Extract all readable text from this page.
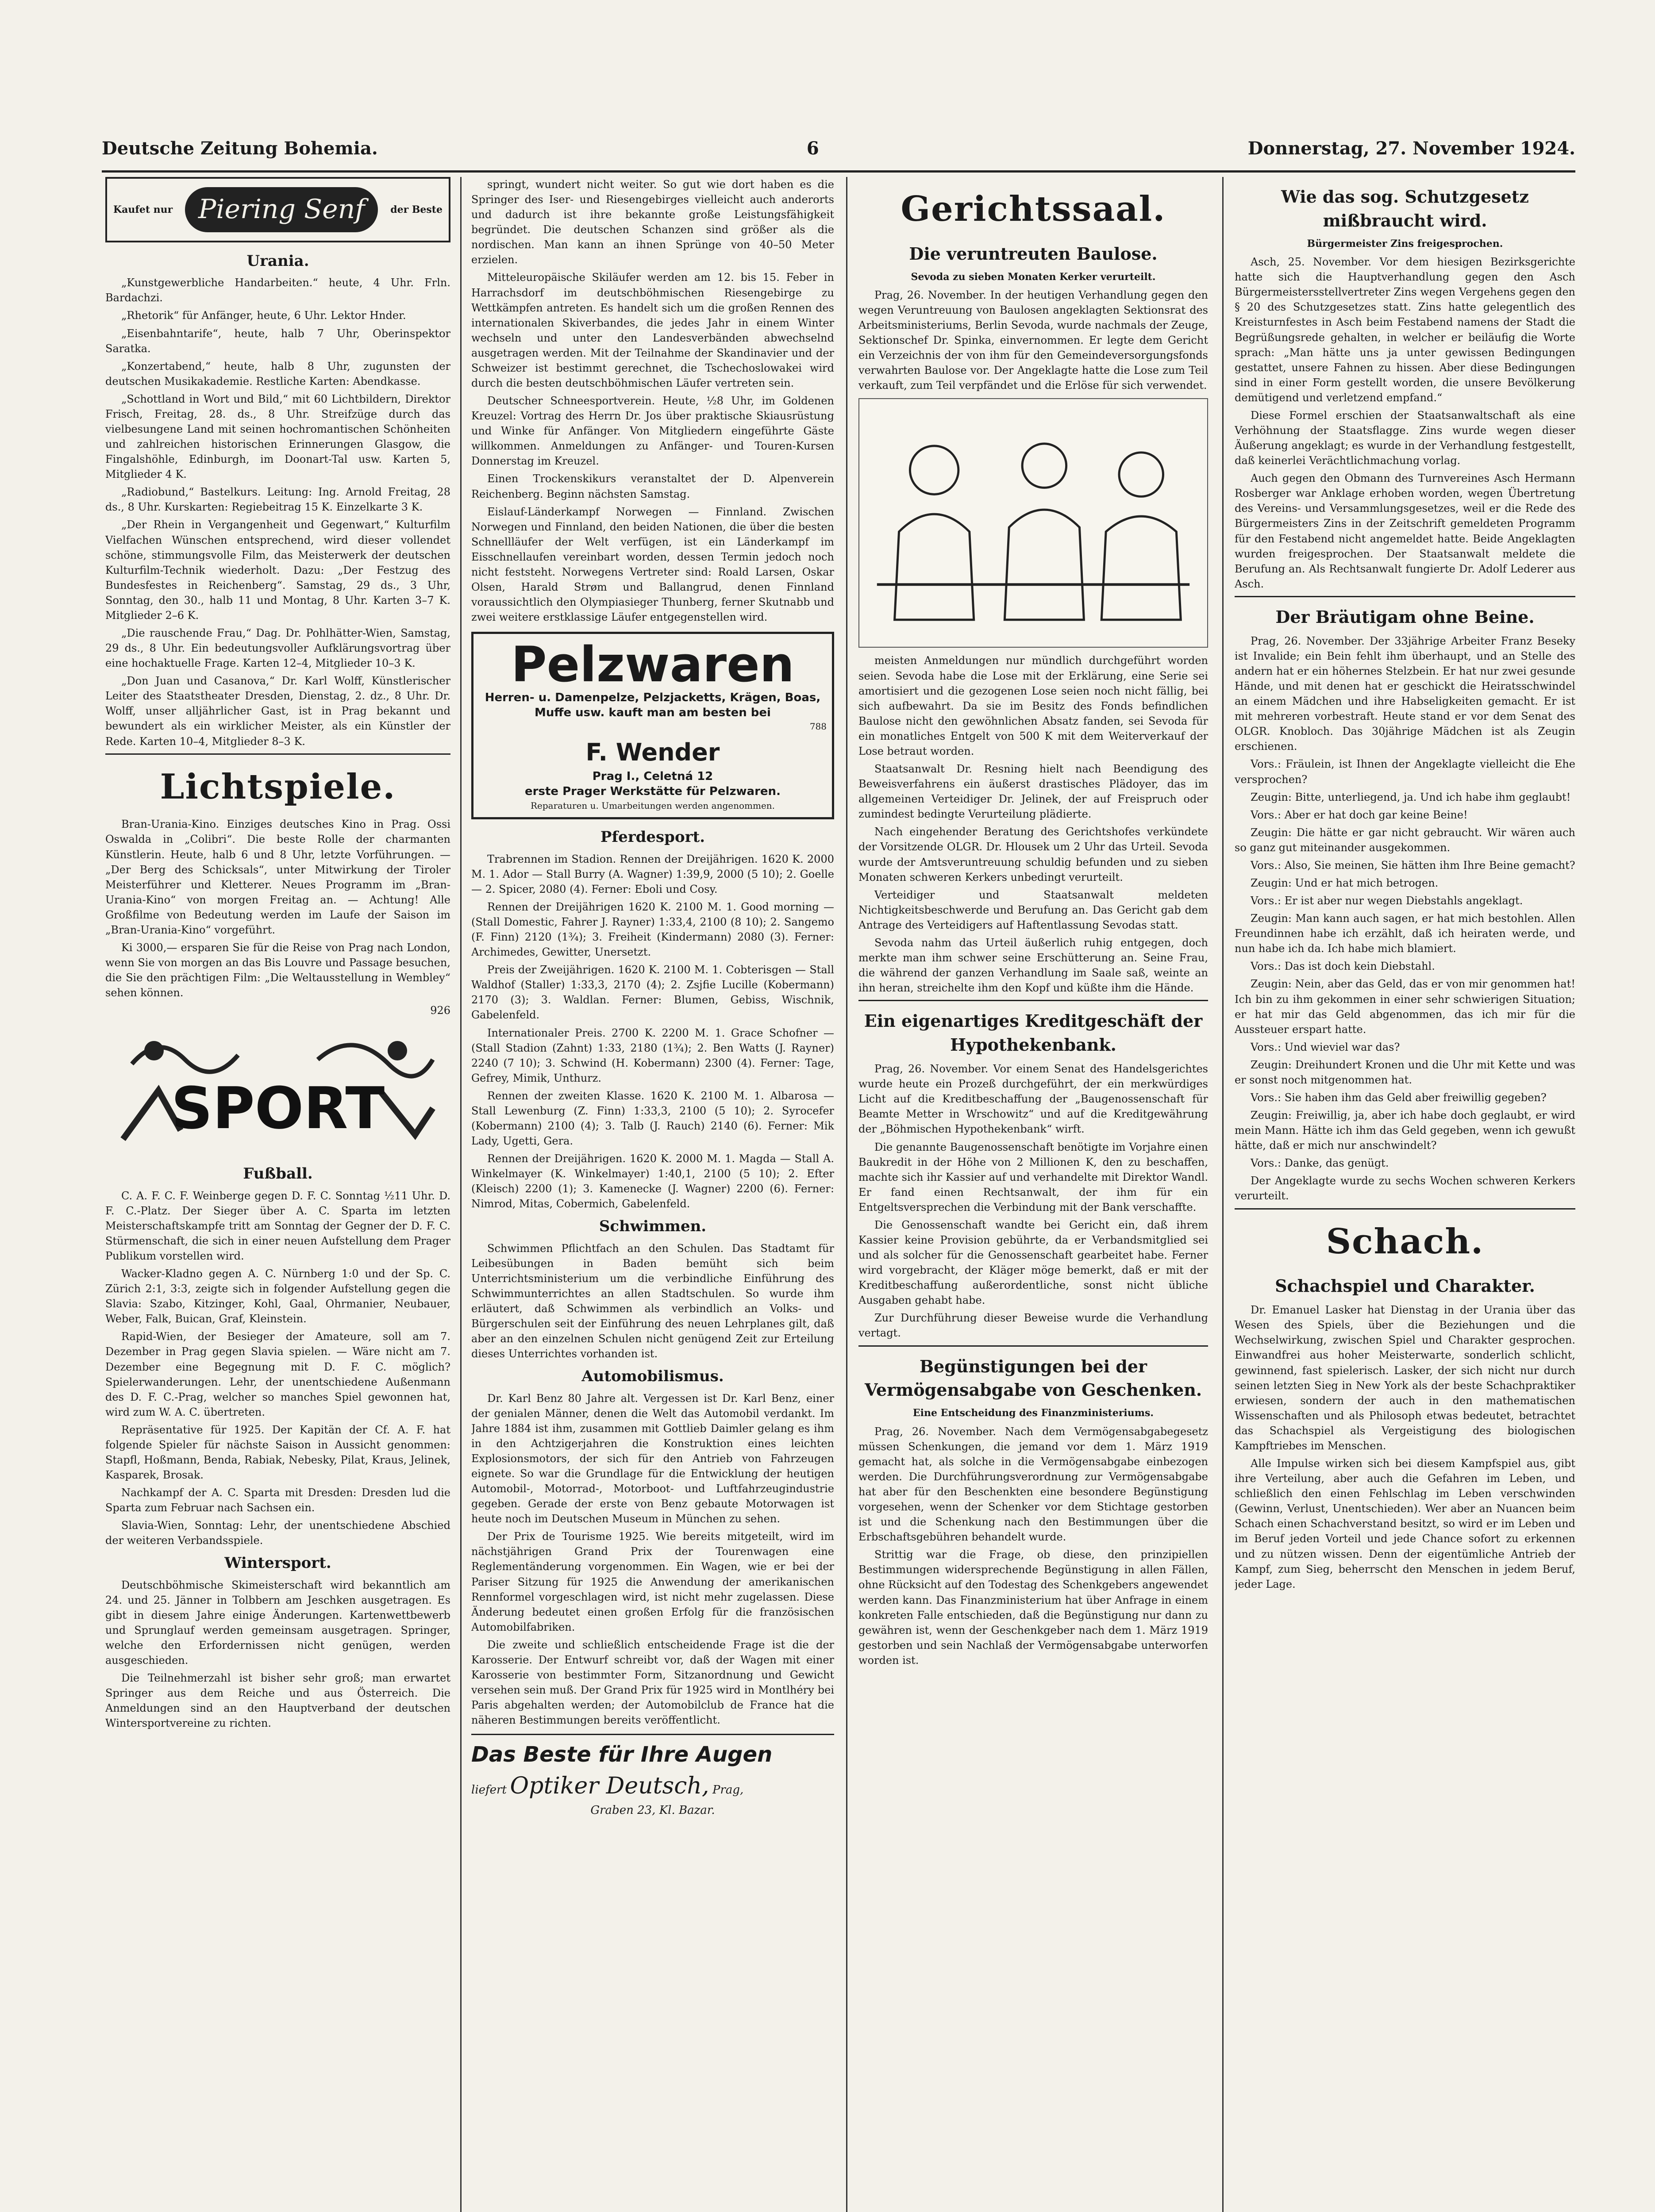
Deutsche Zeitung Bohemia.	6	Donnerstag, 27. November 1924.
Kaufet nur Piering Senf	der Beste
Urania.

„Kunstgewerbliche Handarbeiten.“ heute, 4 Uhr. Frln. Bardachzi.

„Rhetorik“ für Anfänger, heute, 6 Uhr. Lektor Hnder.

„Eisenbahntarife“, heute, halb 7 Uhr, Oberinspektor Saratka.

„Konzertabend,“ heute, halb 8 Uhr, zugunsten der deutschen Musikakademie. Restliche Karten: Abendkasse.

„Schottland in Wort und Bild,“ mit 60 Lichtbildern, Direktor Frisch, Freitag, 28. ds., 8 Uhr. Streifzüge durch das vielbesungene Land mit seinen hochromantischen Schönheiten und zahlreichen historischen Erinnerungen Glasgow, die Fingalshöhle, Edinburgh, im Doonart-Tal usw. Karten 5, Mitglieder 4 K.

„Radiobund,“ Bastelkurs. Leitung: Ing. Arnold Freitag, 28 ds., 8 Uhr. Kurskarten: Regiebeitrag 15 K. Einzelkarte 3 K.

„Der Rhein in Vergangenheit und Gegenwart,“ Kulturfilm Vielfachen Wünschen entsprechend, wird dieser vollendet schöne, stimmungsvolle Film, das Meisterwerk der deutschen Kulturfilm-Technik wiederholt. Dazu: „Der Festzug des Bundesfestes in Reichenberg“. Samstag, 29 ds., 3 Uhr, Sonntag, den 30., halb 11 und Montag, 8 Uhr. Karten 3–7 K. Mitglieder 2–6 K.

„Die rauschende Frau,“ Dag. Dr. Pohlhätter-Wien, Samstag, 29 ds., 8 Uhr. Ein bedeutungsvoller Aufklärungsvortrag über eine hochaktuelle Frage. Karten 12–4, Mitglieder 10–3 K.

„Don Juan und Casanova,“ Dr. Karl Wolff, Künstlerischer Leiter des Staatstheater Dresden, Dienstag, 2. dz., 8 Uhr. Dr. Wolff, unser alljährlicher Gast, ist in Prag bekannt und bewundert als ein wirklicher Meister, als ein Künstler der Rede. Karten 10–4, Mitglieder 8–3 K.

Lichtspiele.

Bran-Urania-Kino. Einziges deutsches Kino in Prag. Ossi Oswalda in „Colibri“. Die beste Rolle der charmanten Künstlerin. Heute, halb 6 und 8 Uhr, letzte Vorführungen. — „Der Berg des Schicksals“, unter Mitwirkung der Tiroler Meisterführer und Kletterer. Neues Programm im „Bran-Urania-Kino“ von morgen Freitag an. — Achtung! Alle Großfilme von Bedeutung werden im Laufe der Saison im „Bran-Urania-Kino“ vorgeführt.

Ki 3000,— ersparen Sie für die Reise von Prag nach London, wenn Sie von morgen an das Bis Louvre und Passage besuchen, die Sie den prächtigen Film: „Die Weltausstellung in Wembley“ sehen können.

926
SPORT
Fußball.

C. A. F. C. F. Weinberge gegen D. F. C. Sonntag ½11 Uhr. D. F. C.-Platz. Der Sieger über A. C. Sparta im letzten Meisterschaftskampfe tritt am Sonntag der Gegner der D. F. C. Stürmenschaft, die sich in einer neuen Aufstellung dem Prager Publikum vorstellen wird.

Wacker-Kladno gegen A. C. Nürnberg 1:0 und der Sp. C. Zürich 2:1, 3:3, zeigte sich in folgender Aufstellung gegen die Slavia: Szabo, Kitzinger, Kohl, Gaal, Ohrmanier, Neubauer, Weber, Falk, Buican, Graf, Kleinstein.

Rapid-Wien, der Besieger der Amateure, soll am 7. Dezember in Prag gegen Slavia spielen. — Wäre nicht am 7. Dezember eine Begegnung mit D. F. C. möglich? Spielerwanderungen. Lehr, der unentschiedene Außenmann des D. F. C.-Prag, welcher so manches Spiel gewonnen hat, wird zum W. A. C. übertreten.

Repräsentative für 1925. Der Kapitän der Cf. A. F. hat folgende Spieler für nächste Saison in Aussicht genommen: Stapfl, Hoßmann, Benda, Rabiak, Nebesky, Pilat, Kraus, Jelinek, Kasparek, Brosak.

Nachkampf der A. C. Sparta mit Dresden: Dresden lud die Sparta zum Februar nach Sachsen ein.

Slavia-Wien, Sonntag: Lehr, der unentschiedene Abschied der weiteren Verbandsspiele.

Wintersport.

Deutschböhmische Skimeisterschaft wird bekanntlich am 24. und 25. Jänner in Tolbbern am Jeschken ausgetragen. Es gibt in diesem Jahre einige Änderungen. Kartenwettbewerb und Sprunglauf werden gemeinsam ausgetragen. Springer, welche den Erfordernissen nicht genügen, werden ausgeschieden.

Die Teilnehmerzahl ist bisher sehr groß; man erwartet Springer aus dem Reiche und aus Österreich. Die Anmeldungen sind an den Hauptverband der deutschen Wintersportvereine zu richten.

springt, wundert nicht weiter. So gut wie dort haben es die Springer des Iser- und Riesengebirges vielleicht auch anderorts und dadurch ist ihre bekannte große Leistungsfähigkeit begründet. Die deutschen Schanzen sind größer als die nordischen. Man kann an ihnen Sprünge von 40–50 Meter erzielen.

Mitteleuropäische Skiläufer werden am 12. bis 15. Feber in Harrachsdorf im deutschböhmischen Riesengebirge zu Wettkämpfen antreten. Es handelt sich um die großen Rennen des internationalen Skiverbandes, die jedes Jahr in einem Winter wechseln und unter den Landesverbänden abwechselnd ausgetragen werden. Mit der Teilnahme der Skandinavier und der Schweizer ist bestimmt gerechnet, die Tschechoslowakei wird durch die besten deutschböhmischen Läufer vertreten sein.

Deutscher Schneesportverein. Heute, ½8 Uhr, im Goldenen Kreuzel: Vortrag des Herrn Dr. Jos über praktische Skiausrüstung und Winke für Anfänger. Von Mitgliedern eingeführte Gäste willkommen. Anmeldungen zu Anfänger- und Touren-Kursen Donnerstag im Kreuzel.

Einen Trockenskikurs veranstaltet der D. Alpenverein Reichenberg. Beginn nächsten Samstag.

Eislauf-Länderkampf Norwegen — Finnland. Zwischen Norwegen und Finnland, den beiden Nationen, die über die besten Schnellläufer der Welt verfügen, ist ein Länderkampf im Eisschnellaufen vereinbart worden, dessen Termin jedoch noch nicht feststeht. Norwegens Vertreter sind: Roald Larsen, Oskar Olsen, Harald Strøm und Ballangrud, denen Finnland voraussichtlich den Olympiasieger Thunberg, ferner Skutnabb und zwei weitere erstklassige Läufer entgegenstellen wird.

Pelzwaren
Herren- u. Damenpelze, Pelzjacketts, Krägen, Boas, Muffe usw. kauft man am besten bei
788
F. Wender
Prag I., Celetná 12
erste Prager Werkstätte für Pelzwaren.
Reparaturen u. Umarbeitungen werden angenommen.
Pferdesport.

Trabrennen im Stadion. Rennen der Dreijährigen. 1620 K. 2000 M. 1. Ador — Stall Burry (A. Wagner) 1:39,9, 2000 (5 10); 2. Goelle — 2. Spicer, 2080 (4). Ferner: Eboli und Cosy.

Rennen der Dreijährigen 1620 K. 2100 M. 1. Good morning — (Stall Domestic, Fahrer J. Rayner) 1:33,4, 2100 (8 10); 2. Sangemo (F. Finn) 2120 (1¾); 3. Freiheit (Kindermann) 2080 (3). Ferner: Archimedes, Gewitter, Unersetzt.

Preis der Zweijährigen. 1620 K. 2100 M. 1. Cobterisgen — Stall Waldhof (Staller) 1:33,3, 2170 (4); 2. Zsjfie Lucille (Kobermann) 2170 (3); 3. Waldlan. Ferner: Blumen, Gebiss, Wischnik, Gabelenfeld.

Internationaler Preis. 2700 K. 2200 M. 1. Grace Schofner — (Stall Stadion (Zahnt) 1:33, 2180 (1¾); 2. Ben Watts (J. Rayner) 2240 (7 10); 3. Schwind (H. Kobermann) 2300 (4). Ferner: Tage, Gefrey, Mimik, Unthurz.

Rennen der zweiten Klasse. 1620 K. 2100 M. 1. Albarosa — Stall Lewenburg (Z. Finn) 1:33,3, 2100 (5 10); 2. Syrocefer (Kobermann) 2100 (4); 3. Talb (J. Rauch) 2140 (6). Ferner: Mik Lady, Ugetti, Gera.

Rennen der Dreijährigen. 1620 K. 2000 M. 1. Magda — Stall A. Winkelmayer (K. Winkelmayer) 1:40,1, 2100 (5 10); 2. Efter (Kleisch) 2200 (1); 3. Kamenecke (J. Wagner) 2200 (6). Ferner: Nimrod, Mitas, Cobermich, Gabelenfeld.

Schwimmen.

Schwimmen Pflichtfach an den Schulen. Das Stadtamt für Leibesübungen in Baden bemüht sich beim Unterrichtsministerium um die verbindliche Einführung des Schwimmunterrichtes an allen Stadtschulen. So wurde ihm erläutert, daß Schwimmen als verbindlich an Volks- und Bürgerschulen seit der Einführung des neuen Lehrplanes gilt, daß aber an den einzelnen Schulen nicht genügend Zeit zur Erteilung dieses Unterrichtes vorhanden ist.

Automobilismus.

Dr. Karl Benz 80 Jahre alt. Vergessen ist Dr. Karl Benz, einer der genialen Männer, denen die Welt das Automobil verdankt. Im Jahre 1884 ist ihm, zusammen mit Gottlieb Daimler gelang es ihm in den Achtzigerjahren die Konstruktion eines leichten Explosionsmotors, der sich für den Antrieb von Fahrzeugen eignete. So war die Grundlage für die Entwicklung der heutigen Automobil-, Motorrad-, Motorboot- und Luftfahrzeugindustrie gegeben. Gerade der erste von Benz gebaute Motorwagen ist heute noch im Deutschen Museum in München zu sehen.

Der Prix de Tourisme 1925. Wie bereits mitgeteilt, wird im nächstjährigen Grand Prix der Tourenwagen eine Reglementänderung vorgenommen. Ein Wagen, wie er bei der Pariser Sitzung für 1925 die Anwendung der amerikanischen Rennformel vorgeschlagen wird, ist nicht mehr zugelassen. Diese Änderung bedeutet einen großen Erfolg für die französischen Automobilfabriken.

Die zweite und schließlich entscheidende Frage ist die der Karosserie. Der Entwurf schreibt vor, daß der Wagen mit einer Karosserie von bestimmter Form, Sitzanordnung und Gewicht versehen sein muß. Der Grand Prix für 1925 wird in Montlhéry bei Paris abgehalten werden; der Automobilclub de France hat die näheren Bestimmungen bereits veröffentlicht.

Das Beste für Ihre Augen
liefert Optiker Deutsch, Prag,
Graben 23, Kl. Bazar.
Gerichtssaal.
Die veruntreuten Baulose.
Sevoda zu sieben Monaten Kerker verurteilt.

Prag, 26. November. In der heutigen Verhandlung gegen den wegen Veruntreuung von Baulosen angeklagten Sektionsrat des Arbeitsministeriums, Berlin Sevoda, wurde nachmals der Zeuge, Sektionschef Dr. Spinka, einvernommen. Er legte dem Gericht ein Verzeichnis der von ihm für den Gemeindeversorgungsfonds verwahrten Baulose vor. Der Angeklagte hatte die Lose zum Teil verkauft, zum Teil verpfändet und die Erlöse für sich verwendet.

meisten Anmeldungen nur mündlich durchgeführt worden seien. Sevoda habe die Lose mit der Erklärung, eine Serie sei amortisiert und die gezogenen Lose seien noch nicht fällig, bei sich aufbewahrt. Da sie im Besitz des Fonds befindlichen Baulose nicht den gewöhnlichen Absatz fanden, sei Sevoda für ein monatliches Entgelt von 500 K mit dem Weiterverkauf der Lose betraut worden.

Staatsanwalt Dr. Resning hielt nach Beendigung des Beweisverfahrens ein äußerst drastisches Plädoyer, das im allgemeinen Verteidiger Dr. Jelinek, der auf Freispruch oder zumindest bedingte Verurteilung plädierte.

Nach eingehender Beratung des Gerichtshofes verkündete der Vorsitzende OLGR. Dr. Hlousek um 2 Uhr das Urteil. Sevoda wurde der Amtsveruntreuung schuldig befunden und zu sieben Monaten schweren Kerkers unbedingt verurteilt.

Verteidiger und Staatsanwalt meldeten Nichtigkeitsbeschwerde und Berufung an. Das Gericht gab dem Antrage des Verteidigers auf Haftentlassung Sevodas statt.

Sevoda nahm das Urteil äußerlich ruhig entgegen, doch merkte man ihm schwer seine Erschütterung an. Seine Frau, die während der ganzen Verhandlung im Saale saß, weinte an ihn heran, streichelte ihm den Kopf und küßte ihm die Hände.

Ein eigenartiges Kreditgeschäft der Hypothekenbank.

Prag, 26. November. Vor einem Senat des Handelsgerichtes wurde heute ein Prozeß durchgeführt, der ein merkwürdiges Licht auf die Kreditbeschaffung der „Baugenossenschaft für Beamte Metter in Wrschowitz“ und auf die Kreditgewährung der „Böhmischen Hypothekenbank“ wirft.

Die genannte Baugenossenschaft benötigte im Vorjahre einen Baukredit in der Höhe von 2 Millionen K, den zu beschaffen, machte sich ihr Kassier auf und verhandelte mit Direktor Wandl. Er fand einen Rechtsanwalt, der ihm für ein Entgeltsversprechen die Verbindung mit der Bank verschaffte.

Die Genossenschaft wandte bei Gericht ein, daß ihrem Kassier keine Provision gebührte, da er Verbandsmitglied sei und als solcher für die Genossenschaft gearbeitet habe. Ferner wird vorgebracht, der Kläger möge bemerkt, daß er mit der Kreditbeschaffung außerordentliche, sonst nicht übliche Ausgaben gehabt habe.

Zur Durchführung dieser Beweise wurde die Verhandlung vertagt.

Begünstigungen bei der Vermögensabgabe von Geschenken.
Eine Entscheidung des Finanzministeriums.

Prag, 26. November. Nach dem Vermögensabgabegesetz müssen Schenkungen, die jemand vor dem 1. März 1919 gemacht hat, als solche in die Vermögensabgabe einbezogen werden. Die Durchführungsverordnung zur Vermögensabgabe hat aber für den Beschenkten eine besondere Begünstigung vorgesehen, wenn der Schenker vor dem Stichtage gestorben ist und die Schenkung nach den Bestimmungen über die Erbschaftsgebühren behandelt wurde.

Strittig war die Frage, ob diese, den prinzipiellen Bestimmungen widersprechende Begünstigung in allen Fällen, ohne Rücksicht auf den Todestag des Schenkgebers angewendet werden kann. Das Finanzministerium hat über Anfrage in einem konkreten Falle entschieden, daß die Begünstigung nur dann zu gewähren ist, wenn der Geschenkgeber nach dem 1. März 1919 gestorben und sein Nachlaß der Vermögensabgabe unterworfen worden ist.

Wie das sog. Schutzgesetz mißbraucht wird.
Bürgermeister Zins freigesprochen.

Asch, 25. November. Vor dem hiesigen Bezirksgerichte hatte sich die Hauptverhandlung gegen den Asch Bürgermeistersstellvertreter Zins wegen Vergehens gegen den § 20 des Schutzgesetzes statt. Zins hatte gelegentlich des Kreisturnfestes in Asch beim Festabend namens der Stadt die Begrüßungsrede gehalten, in welcher er beiläufig die Worte sprach: „Man hätte uns ja unter gewissen Bedingungen gestattet, unsere Fahnen zu hissen. Aber diese Bedingungen sind in einer Form gestellt worden, die unsere Bevölkerung demütigend und verletzend empfand.“

Diese Formel erschien der Staatsanwaltschaft als eine Verhöhnung der Staatsflagge. Zins wurde wegen dieser Äußerung angeklagt; es wurde in der Verhandlung festgestellt, daß keinerlei Verächtlichmachung vorlag.

Auch gegen den Obmann des Turnvereines Asch Hermann Rosberger war Anklage erhoben worden, wegen Übertretung des Vereins- und Versammlungsgesetzes, weil er die Rede des Bürgermeisters Zins in der Zeitschrift gemeldeten Programm für den Festabend nicht angemeldet hatte. Beide Angeklagten wurden freigesprochen. Der Staatsanwalt meldete die Berufung an. Als Rechtsanwalt fungierte Dr. Adolf Lederer aus Asch.

Der Bräutigam ohne Beine.

Prag, 26. November. Der 33jährige Arbeiter Franz Beseky ist Invalide; ein Bein fehlt ihm überhaupt, und an Stelle des andern hat er ein höhernes Stelzbein. Er hat nur zwei gesunde Hände, und mit denen hat er geschickt die Heiratsschwindel an einem Mädchen und ihre Habseligkeiten gemacht. Er ist mit mehreren vorbestraft. Heute stand er vor dem Senat des OLGR. Knobloch. Das 30jährige Mädchen ist als Zeugin erschienen.

Vors.: Fräulein, ist Ihnen der Angeklagte vielleicht die Ehe versprochen?

Zeugin: Bitte, unterliegend, ja. Und ich habe ihm geglaubt!

Vors.: Aber er hat doch gar keine Beine!

Zeugin: Die hätte er gar nicht gebraucht. Wir wären auch so ganz gut miteinander ausgekommen.

Vors.: Also, Sie meinen, Sie hätten ihm Ihre Beine gemacht?

Zeugin: Und er hat mich betrogen.

Vors.: Er ist aber nur wegen Diebstahls angeklagt.

Zeugin: Man kann auch sagen, er hat mich bestohlen. Allen Freundinnen habe ich erzählt, daß ich heiraten werde, und nun habe ich da. Ich habe mich blamiert.

Vors.: Das ist doch kein Diebstahl.

Zeugin: Nein, aber das Geld, das er von mir genommen hat! Ich bin zu ihm gekommen in einer sehr schwierigen Situation; er hat mir das Geld abgenommen, das ich mir für die Aussteuer erspart hatte.

Vors.: Und wieviel war das?

Zeugin: Dreihundert Kronen und die Uhr mit Kette und was er sonst noch mitgenommen hat.

Vors.: Sie haben ihm das Geld aber freiwillig gegeben?

Zeugin: Freiwillig, ja, aber ich habe doch geglaubt, er wird mein Mann. Hätte ich ihm das Geld gegeben, wenn ich gewußt hätte, daß er mich nur anschwindelt?

Vors.: Danke, das genügt.

Der Angeklagte wurde zu sechs Wochen schweren Kerkers verurteilt.

Schach.
Schachspiel und Charakter.

Dr. Emanuel Lasker hat Dienstag in der Urania über das Wesen des Spiels, über die Beziehungen und die Wechselwirkung, zwischen Spiel und Charakter gesprochen. Einwandfrei aus hoher Meisterwarte, sonderlich schlicht, gewinnend, fast spielerisch. Lasker, der sich nicht nur durch seinen letzten Sieg in New York als der beste Schachpraktiker erwiesen, sondern der auch in den mathematischen Wissenschaften und als Philosoph etwas bedeutet, betrachtet das Schachspiel als Vergeistigung des biologischen Kampftriebes im Menschen.

Alle Impulse wirken sich bei diesem Kampfspiel aus, gibt ihre Verteilung, aber auch die Gefahren im Leben, und schließlich den einen Fehlschlag im Leben verschwinden (Gewinn, Verlust, Unentschieden). Wer aber an Nuancen beim Schach einen Schachverstand besitzt, so wird er im Leben und im Beruf jeden Vorteil und jede Chance sofort zu erkennen und zu nützen wissen. Denn der eigentümliche Antrieb der Kampf, zum Sieg, beherrscht den Menschen in jedem Beruf, jeder Lage.
